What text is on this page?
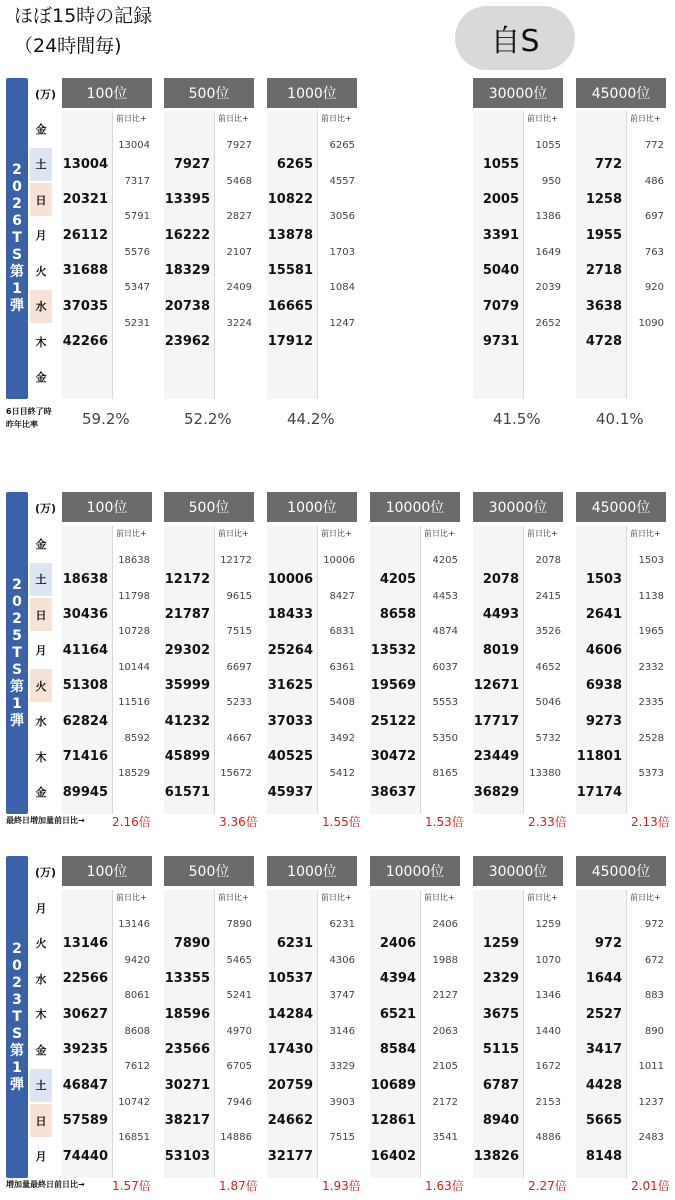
ほぼ15時の記録
（24時間毎)	自S
2
0
2
6
T
S
第
1
弾
(万)
金
土
日
月
火
水
木
金
100位
13004
20321
26112
31688
37035
42266
前日比+
13004
7317
5791
5576
5347
5231
59.2%
500位
7927
13395
16222
18329
20738
23962
前日比+
7927
5468
2827
2107
2409
3224
52.2%
1000位
6265
10822
13878
15581
16665
17912
前日比+
6265
4557
3056
1703
1084
1247
44.2%
30000位
1055
2005
3391
5040
7079
9731
前日比+
1055
950
1386
1649
2039
2652
41.5%
45000位
772
1258
1955
2718
3638
4728
前日比+
772
486
697
763
920
1090
40.1%
6日目終了時
昨年比率
2
0
2
5
T
S
第
1
弾
(万)
金
土
日
月
火
水
木
金
100位
18638
30436
41164
51308
62824
71416
89945
前日比+
18638
11798
10728
10144
11516
8592
18529
2.16倍
500位
12172
21787
29302
35999
41232
45899
61571
前日比+
12172
9615
7515
6697
5233
4667
15672
3.36倍
1000位
10006
18433
25264
31625
37033
40525
45937
前日比+
10006
8427
6831
6361
5408
3492
5412
1.55倍
10000位
4205
8658
13532
19569
25122
30472
38637
前日比+
4205
4453
4874
6037
5553
5350
8165
1.53倍
30000位
2078
4493
8019
12671
17717
23449
36829
前日比+
2078
2415
3526
4652
5046
5732
13380
2.33倍
45000位
1503
2641
4606
6938
9273
11801
17174
前日比+
1503
1138
1965
2332
2335
2528
5373
2.13倍
最終日増加量前日比→
2
0
2
3
T
S
第
1
弾
(万)
月
火
水
木
金
土
日
月
100位
13146
22566
30627
39235
46847
57589
74440
前日比+
13146
9420
8061
8608
7612
10742
16851
1.57倍
500位
7890
13355
18596
23566
30271
38217
53103
前日比+
7890
5465
5241
4970
6705
7946
14886
1.87倍
1000位
6231
10537
14284
17430
20759
24662
32177
前日比+
6231
4306
3747
3146
3329
3903
7515
1.93倍
10000位
2406
4394
6521
8584
10689
12861
16402
前日比+
2406
1988
2127
2063
2105
2172
3541
1.63倍
30000位
1259
2329
3675
5115
6787
8940
13826
前日比+
1259
1070
1346
1440
1672
2153
4886
2.27倍
45000位
972
1644
2527
3417
4428
5665
8148
前日比+
972
672
883
890
1011
1237
2483
2.01倍
増加量最終日前日比→
